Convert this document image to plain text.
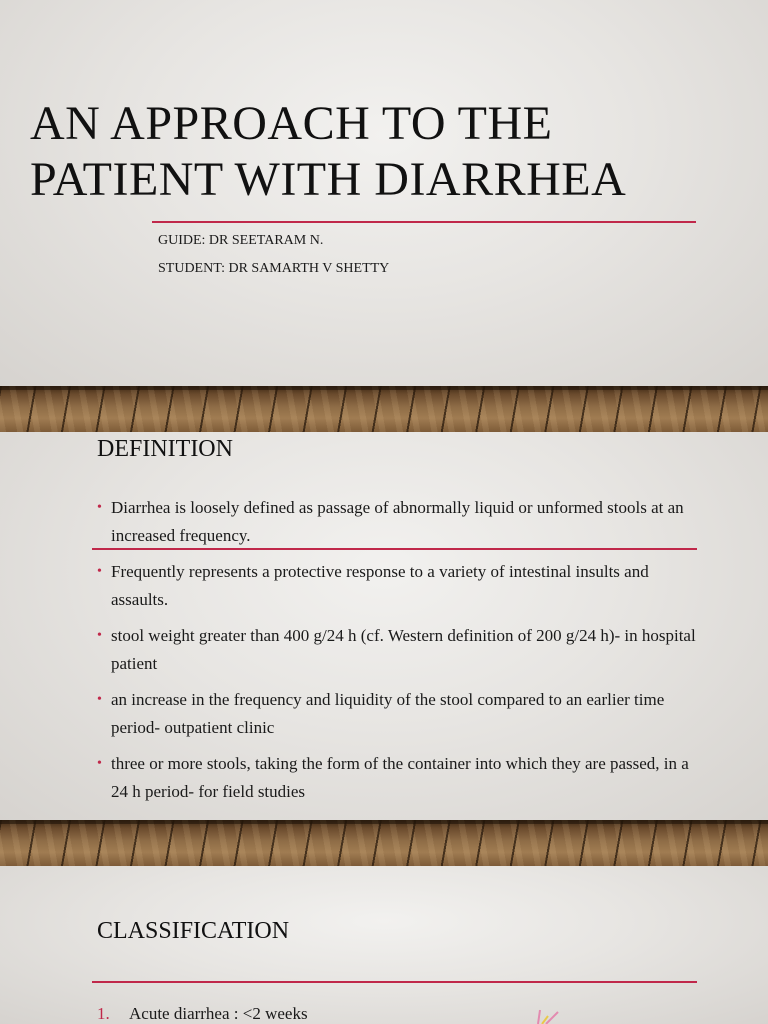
AN APPROACH TO THE
PATIENT WITH DIARRHEA

GUIDE: DR SEETARAM N.

STUDENT: DR SAMARTH V SHETTY

DEFINITION
• Diarrhea is loosely defined as passage of abnormally liquid or unformed stools at an increased frequency.
• Frequently represents a protective response to a variety of intestinal insults and assaults.
• stool weight greater than 400 g/24 h (cf. Western definition of 200 g/24 h)- in hospital patient
• an increase in the frequency and liquidity of the stool compared to an earlier time period- outpatient clinic
• three or more stools, taking the form of the container into which they are passed, in a 24 h period- for field studies
CLASSIFICATION
1. Acute diarrhea : <2 weeks
